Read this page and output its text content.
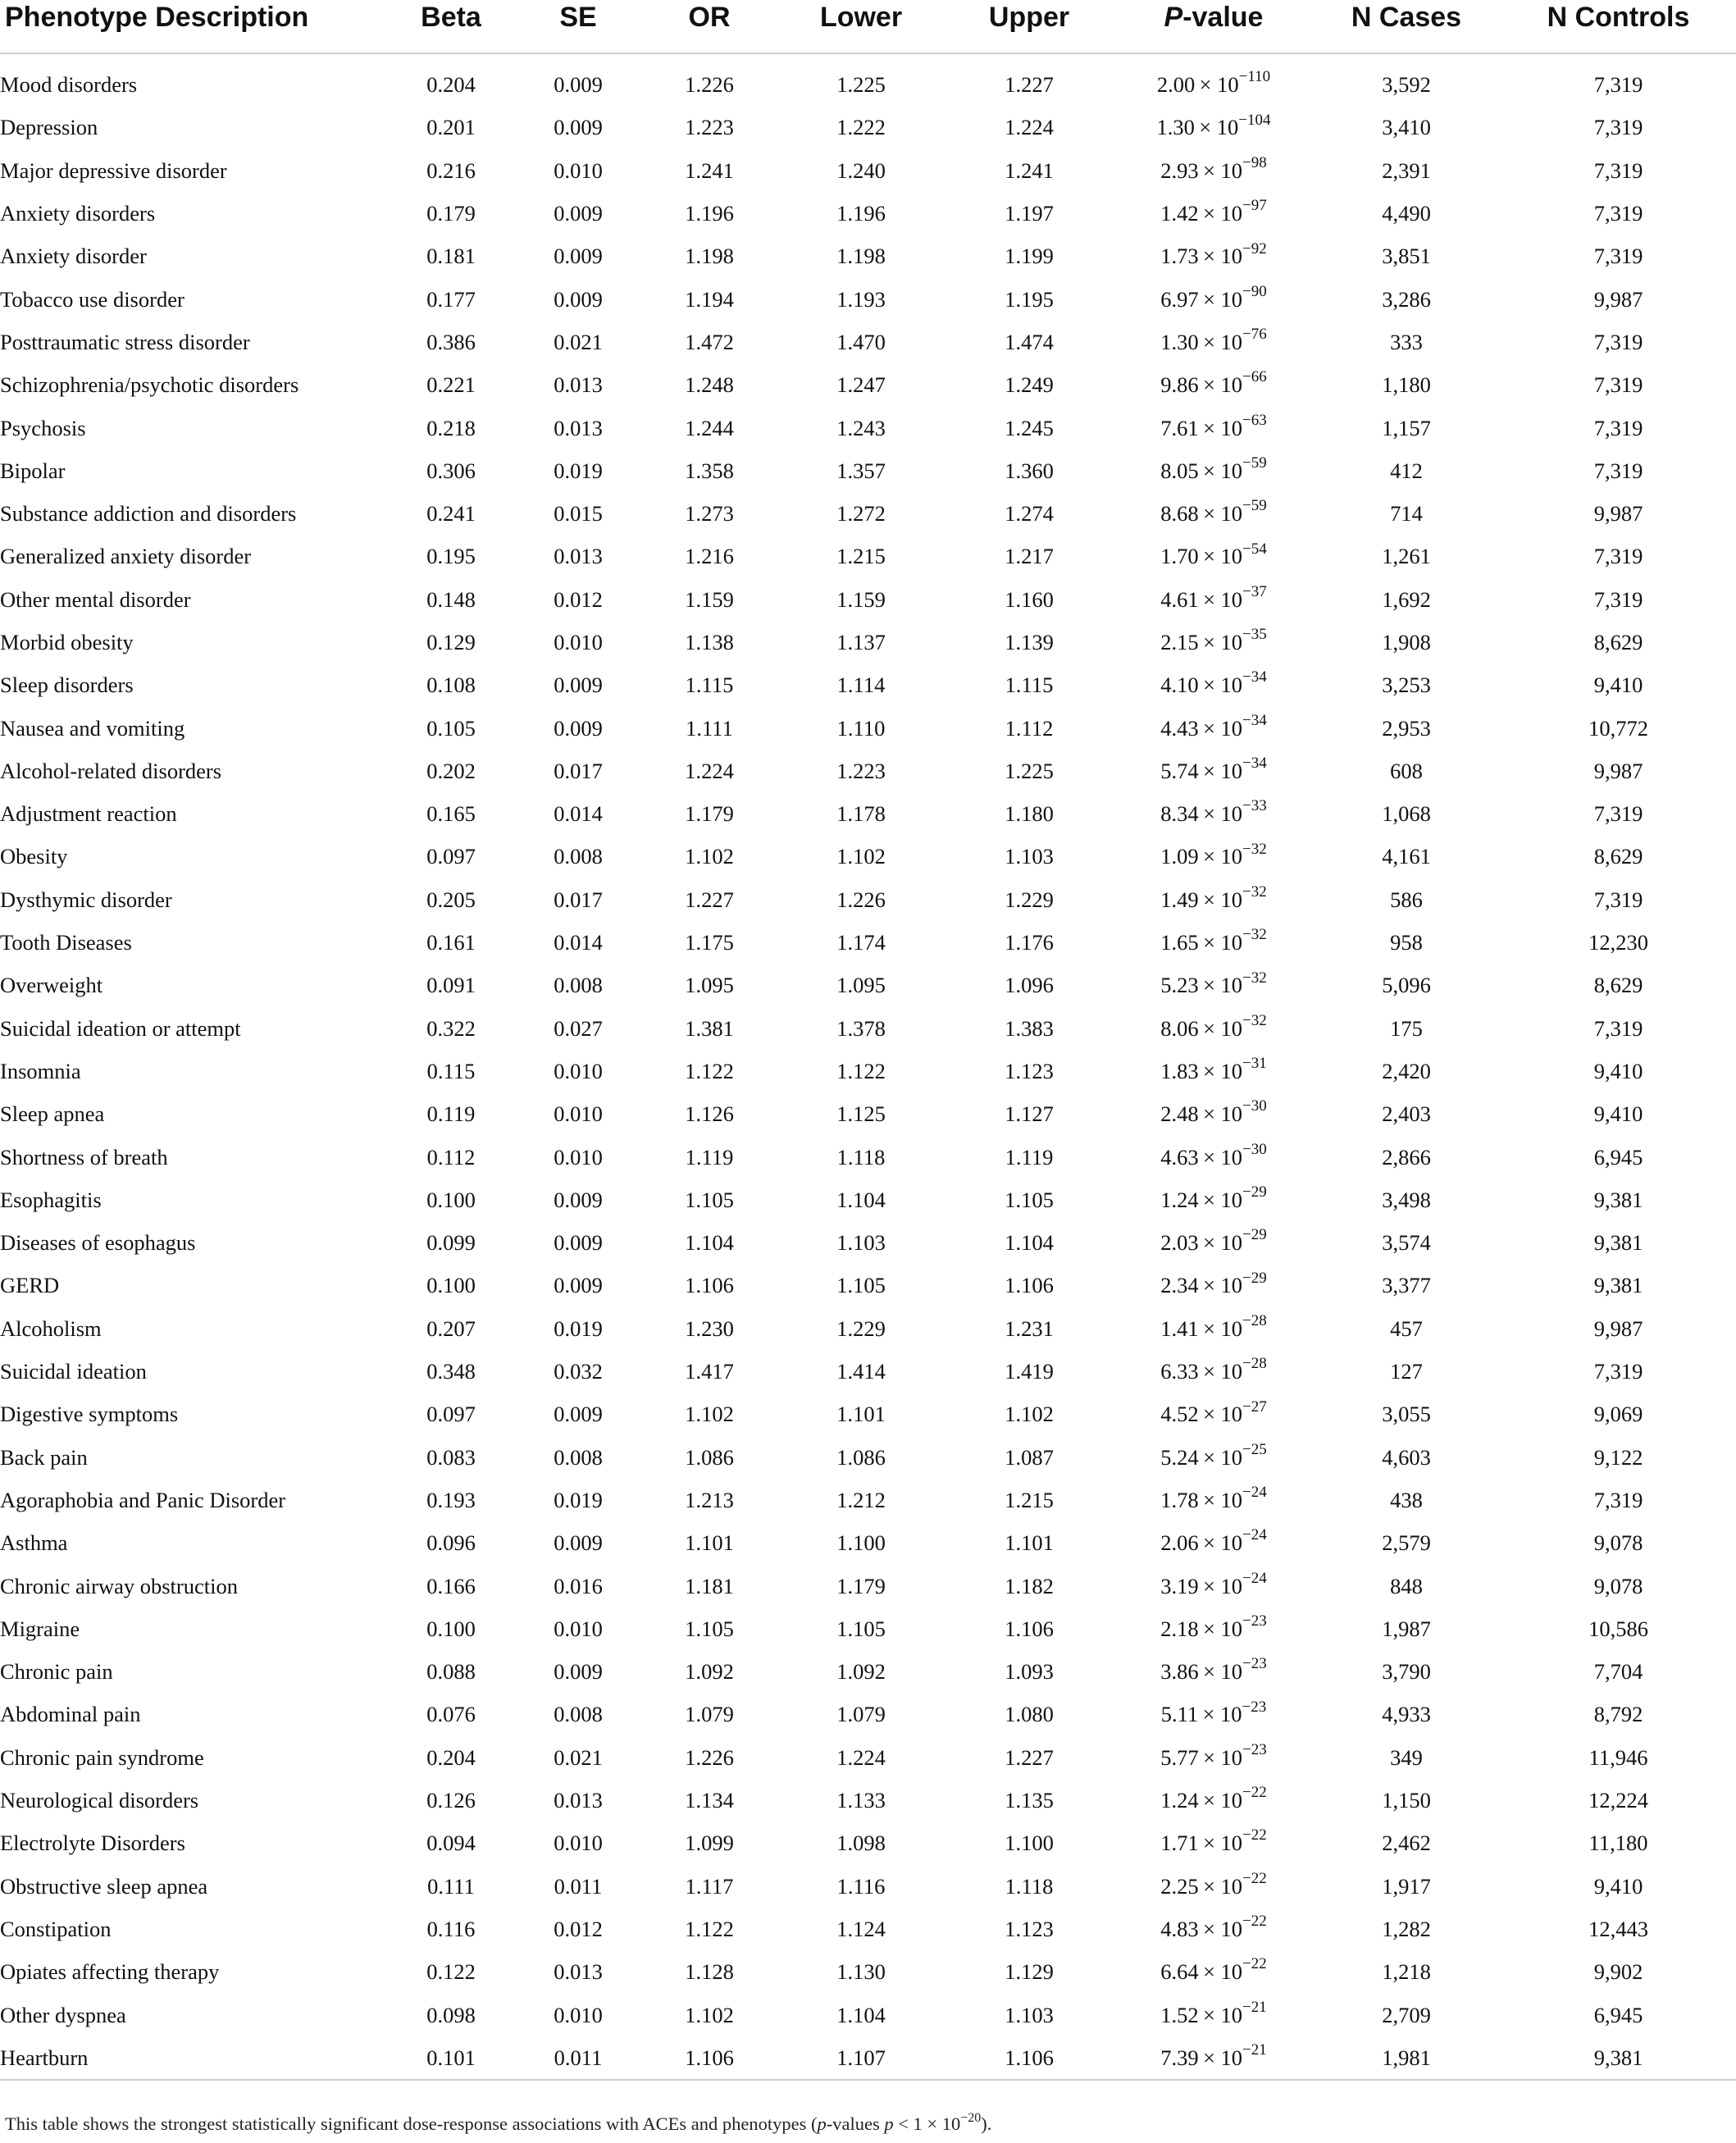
Phenotype Description	Beta	SE	OR	Lower	Upper	P-value	N Cases	N Controls

Mood disorders	0.204	0.009	1.226	1.225	1.227	$2.00 \times 10^{-110}$	3,592	7,319
Depression	0.201	0.009	1.223	1.222	1.224	$1.30 \times 10^{-104}$	3,410	7,319
Major depressive disorder	0.216	0.010	1.241	1.240	1.241	$2.93 \times 10^{-98}$	2,391	7,319
Anxiety disorders	0.179	0.009	1.196	1.196	1.197	$1.42 \times 10^{-97}$	4,490	7,319
Anxiety disorder	0.181	0.009	1.198	1.198	1.199	$1.73 \times 10^{-92}$	3,851	7,319
Tobacco use disorder	0.177	0.009	1.194	1.193	1.195	$6.97 \times 10^{-90}$	3,286	9,987
Posttraumatic stress disorder	0.386	0.021	1.472	1.470	1.474	$1.30 \times 10^{-76}$	333	7,319
Schizophrenia/psychotic disorders	0.221	0.013	1.248	1.247	1.249	$9.86 \times 10^{-66}$	1,180	7,319
Psychosis	0.218	0.013	1.244	1.243	1.245	$7.61 \times 10^{-63}$	1,157	7,319
Bipolar	0.306	0.019	1.358	1.357	1.360	$8.05 \times 10^{-59}$	412	7,319
Substance addiction and disorders	0.241	0.015	1.273	1.272	1.274	$8.68 \times 10^{-59}$	714	9,987
Generalized anxiety disorder	0.195	0.013	1.216	1.215	1.217	$1.70 \times 10^{-54}$	1,261	7,319
Other mental disorder	0.148	0.012	1.159	1.159	1.160	$4.61 \times 10^{-37}$	1,692	7,319
Morbid obesity	0.129	0.010	1.138	1.137	1.139	$2.15 \times 10^{-35}$	1,908	8,629
Sleep disorders	0.108	0.009	1.115	1.114	1.115	$4.10 \times 10^{-34}$	3,253	9,410
Nausea and vomiting	0.105	0.009	1.111	1.110	1.112	$4.43 \times 10^{-34}$	2,953	10,772
Alcohol-related disorders	0.202	0.017	1.224	1.223	1.225	$5.74 \times 10^{-34}$	608	9,987
Adjustment reaction	0.165	0.014	1.179	1.178	1.180	$8.34 \times 10^{-33}$	1,068	7,319
Obesity	0.097	0.008	1.102	1.102	1.103	$1.09 \times 10^{-32}$	4,161	8,629
Dysthymic disorder	0.205	0.017	1.227	1.226	1.229	$1.49 \times 10^{-32}$	586	7,319
Tooth Diseases	0.161	0.014	1.175	1.174	1.176	$1.65 \times 10^{-32}$	958	12,230
Overweight	0.091	0.008	1.095	1.095	1.096	$5.23 \times 10^{-32}$	5,096	8,629
Suicidal ideation or attempt	0.322	0.027	1.381	1.378	1.383	$8.06 \times 10^{-32}$	175	7,319
Insomnia	0.115	0.010	1.122	1.122	1.123	$1.83 \times 10^{-31}$	2,420	9,410
Sleep apnea	0.119	0.010	1.126	1.125	1.127	$2.48 \times 10^{-30}$	2,403	9,410
Shortness of breath	0.112	0.010	1.119	1.118	1.119	$4.63 \times 10^{-30}$	2,866	6,945
Esophagitis	0.100	0.009	1.105	1.104	1.105	$1.24 \times 10^{-29}$	3,498	9,381
Diseases of esophagus	0.099	0.009	1.104	1.103	1.104	$2.03 \times 10^{-29}$	3,574	9,381
GERD	0.100	0.009	1.106	1.105	1.106	$2.34 \times 10^{-29}$	3,377	9,381
Alcoholism	0.207	0.019	1.230	1.229	1.231	$1.41 \times 10^{-28}$	457	9,987
Suicidal ideation	0.348	0.032	1.417	1.414	1.419	$6.33 \times 10^{-28}$	127	7,319
Digestive symptoms	0.097	0.009	1.102	1.101	1.102	$4.52 \times 10^{-27}$	3,055	9,069
Back pain	0.083	0.008	1.086	1.086	1.087	$5.24 \times 10^{-25}$	4,603	9,122
Agoraphobia and Panic Disorder	0.193	0.019	1.213	1.212	1.215	$1.78 \times 10^{-24}$	438	7,319
Asthma	0.096	0.009	1.101	1.100	1.101	$2.06 \times 10^{-24}$	2,579	9,078
Chronic airway obstruction	0.166	0.016	1.181	1.179	1.182	$3.19 \times 10^{-24}$	848	9,078
Migraine	0.100	0.010	1.105	1.105	1.106	$2.18 \times 10^{-23}$	1,987	10,586
Chronic pain	0.088	0.009	1.092	1.092	1.093	$3.86 \times 10^{-23}$	3,790	7,704
Abdominal pain	0.076	0.008	1.079	1.079	1.080	$5.11 \times 10^{-23}$	4,933	8,792
Chronic pain syndrome	0.204	0.021	1.226	1.224	1.227	$5.77 \times 10^{-23}$	349	11,946
Neurological disorders	0.126	0.013	1.134	1.133	1.135	$1.24 \times 10^{-22}$	1,150	12,224
Electrolyte Disorders	0.094	0.010	1.099	1.098	1.100	$1.71 \times 10^{-22}$	2,462	11,180
Obstructive sleep apnea	0.111	0.011	1.117	1.116	1.118	$2.25 \times 10^{-22}$	1,917	9,410
Constipation	0.116	0.012	1.122	1.124	1.123	$4.83 \times 10^{-22}$	1,282	12,443
Opiates affecting therapy	0.122	0.013	1.128	1.130	1.129	$6.64 \times 10^{-22}$	1,218	9,902
Other dyspnea	0.098	0.010	1.102	1.104	1.103	$1.52 \times 10^{-21}$	2,709	6,945
Heartburn	0.101	0.011	1.106	1.107	1.106	$7.39 \times 10^{-21}$	1,981	9,381
This table shows the strongest statistically significant dose-response associations with ACEs and phenotypes (p-values $p < 1 \times 10^{-20}$).
